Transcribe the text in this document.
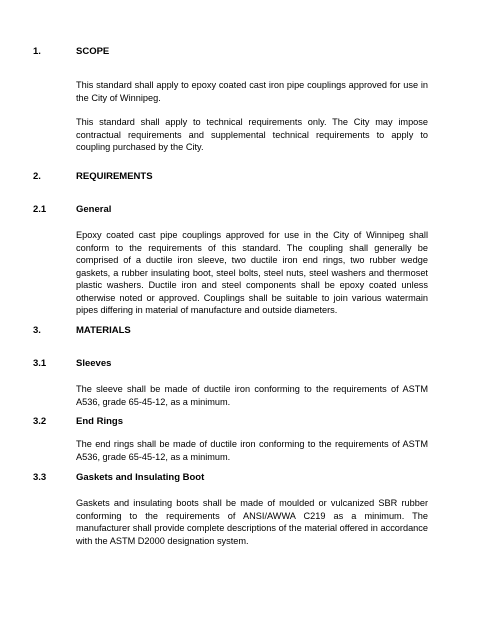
1.	SCOPE

This standard shall apply to epoxy coated cast iron pipe couplings approved for use in the City of Winnipeg.

This standard shall apply to technical requirements only. The City may impose contractual requirements and supplemental technical requirements to apply to coupling purchased by the City.

2.	REQUIREMENTS
2.1	General

Epoxy coated cast pipe couplings approved for use in the City of Winnipeg shall conform to the requirements of this standard. The coupling shall generally be comprised of a ductile iron sleeve, two ductile iron end rings, two rubber wedge gaskets, a rubber insulating boot, steel bolts, steel nuts, steel washers and thermoset plastic washers. Ductile iron and steel components shall be epoxy coated unless otherwise noted or approved. Couplings shall be suitable to join various watermain pipes differing in material of manufacture and outside diameters.

3.	MATERIALS
3.1	Sleeves

The sleeve shall be made of ductile iron conforming to the requirements of ASTM A536, grade 65-45-12, as a minimum.

3.2	End Rings

The end rings shall be made of ductile iron conforming to the requirements of ASTM A536, grade 65-45-12, as a minimum.

3.3	Gaskets and Insulating Boot

Gaskets and insulating boots shall be made of moulded or vulcanized SBR rubber conforming to the requirements of ANSI/AWWA C219 as a minimum. The manufacturer shall provide complete descriptions of the material offered in accordance with the ASTM D2000 designation system.
